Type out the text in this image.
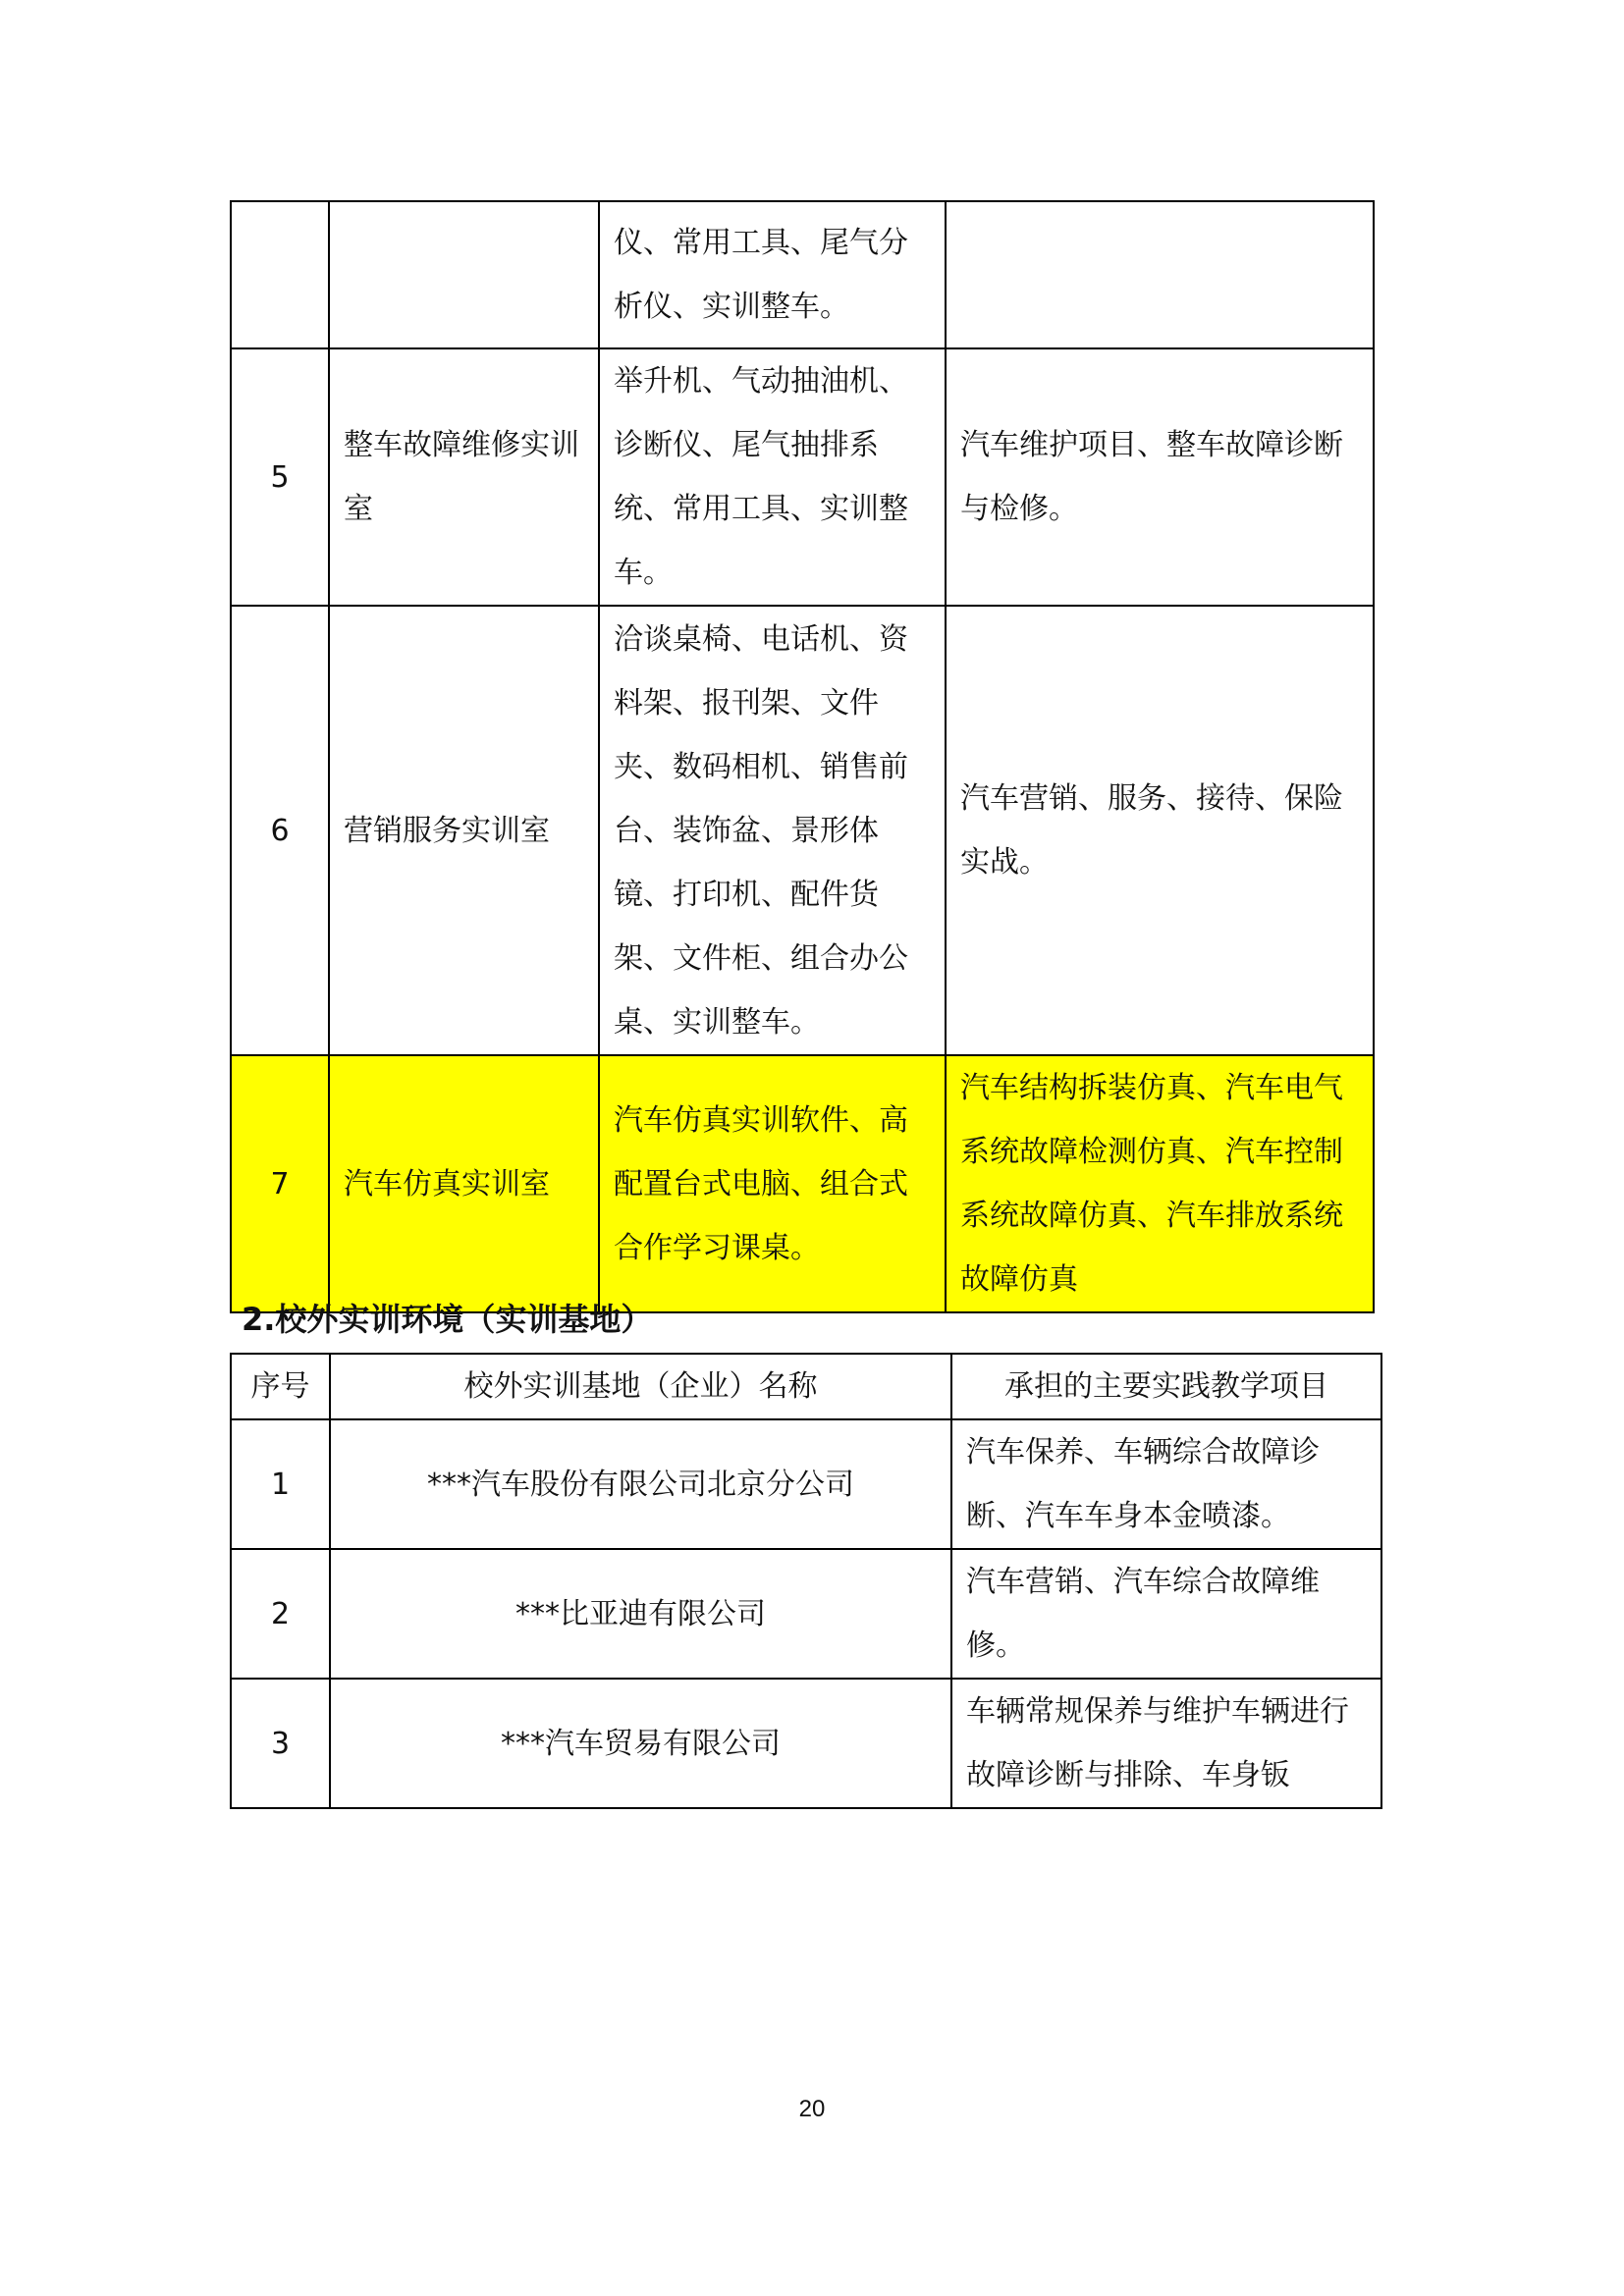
		仪、常用工具、尾气分析仪、实训整车。	
5	整车故障维修实训室	举升机、气动抽油机、诊断仪、尾气抽排系统、常用工具、实训整车。	汽车维护项目、整车故障诊断与检修。
6	营销服务实训室	洽谈桌椅、电话机、资料架、报刊架、文件夹、数码相机、销售前台、装饰盆、景形体镜、打印机、配件货架、文件柜、组合办公桌、实训整车。	汽车营销、服务、接待、保险实战。
7	汽车仿真实训室	汽车仿真实训软件、高配置台式电脑、组合式合作学习课桌。	汽车结构拆装仿真、汽车电气系统故障检测仿真、汽车控制系统故障仿真、汽车排放系统故障仿真
2.校外实训环境（实训基地）
序号	校外实训基地（企业）名称	承担的主要实践教学项目
1	***汽车股份有限公司北京分公司	汽车保养、车辆综合故障诊断、汽车车身本金喷漆。
2	***比亚迪有限公司	汽车营销、汽车综合故障维修。
3	***汽车贸易有限公司	车辆常规保养与维护车辆进行故障诊断与排除、车身钣
20
